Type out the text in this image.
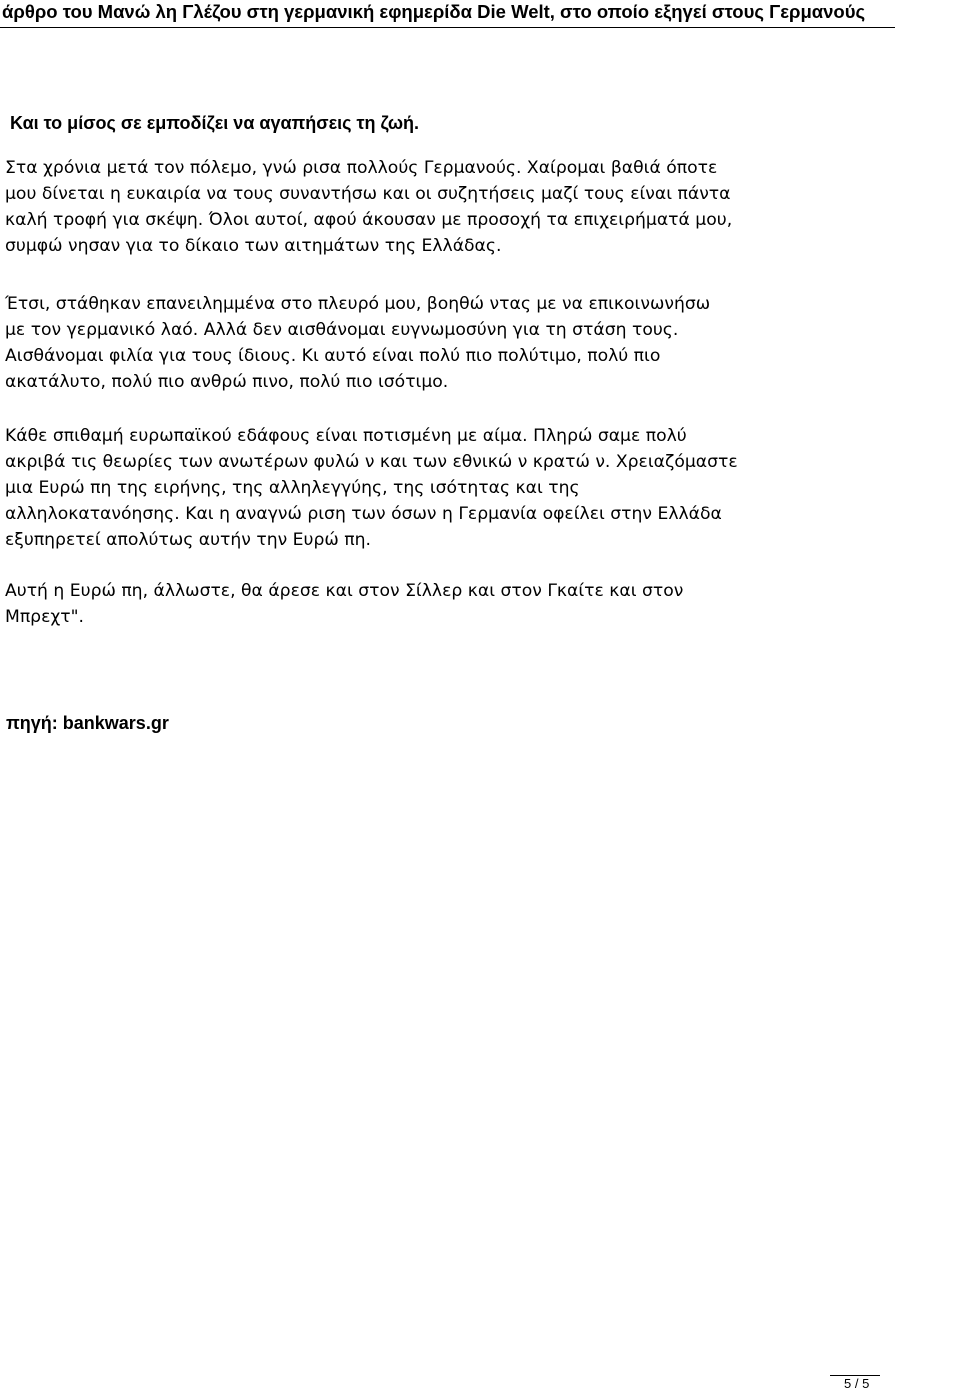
άρθρο του Μανώ λη Γλέζου στη γερμανική εφημερίδα Die Welt, στο οποίο εξηγεί στους Γερμανούς
Και το μίσος σε εμποδίζει να αγαπήσεις τη ζωή.

Στα χρόνια μετά τον πόλεμο, γνώ ρισα πολλούς Γερμανούς. Χαίρομαι βαθιά όποτε
μου δίνεται η ευκαιρία να τους συναντήσω και οι συζητήσεις μαζί τους είναι πάντα
καλή τροφή για σκέψη. Όλοι αυτοί, αφού άκουσαν με προσοχή τα επιχειρήματά μου,
συμφώ νησαν για το δίκαιο των αιτημάτων της Ελλάδας.

Έτσι, στάθηκαν επανειλημμένα στο πλευρό μου, βοηθώ ντας με να επικοινωνήσω
με τον γερμανικό λαό. Αλλά δεν αισθάνομαι ευγνωμοσύνη για τη στάση τους.
Αισθάνομαι φιλία για τους ίδιους. Κι αυτό είναι πολύ πιο πολύτιμο, πολύ πιο
ακατάλυτο, πολύ πιο ανθρώ πινο, πολύ πιο ισότιμο.

Κάθε σπιθαμή ευρωπαϊκού εδάφους είναι ποτισμένη με αίμα. Πληρώ σαμε πολύ
ακριβά τις θεωρίες των ανωτέρων φυλώ ν και των εθνικώ ν κρατώ ν. Χρειαζόμαστε
μια Ευρώ πη της ειρήνης, της αλληλεγγύης, της ισότητας και της
αλληλοκατανόησης. Και η αναγνώ ριση των όσων η Γερμανία οφείλει στην Ελλάδα
εξυπηρετεί απολύτως αυτήν την Ευρώ πη.

Αυτή η Ευρώ πη, άλλωστε, θα άρεσε και στον Σίλλερ και στον Γκαίτε και στον
Μπρεχτ".

πηγή: bankwars.gr
5 / 5
